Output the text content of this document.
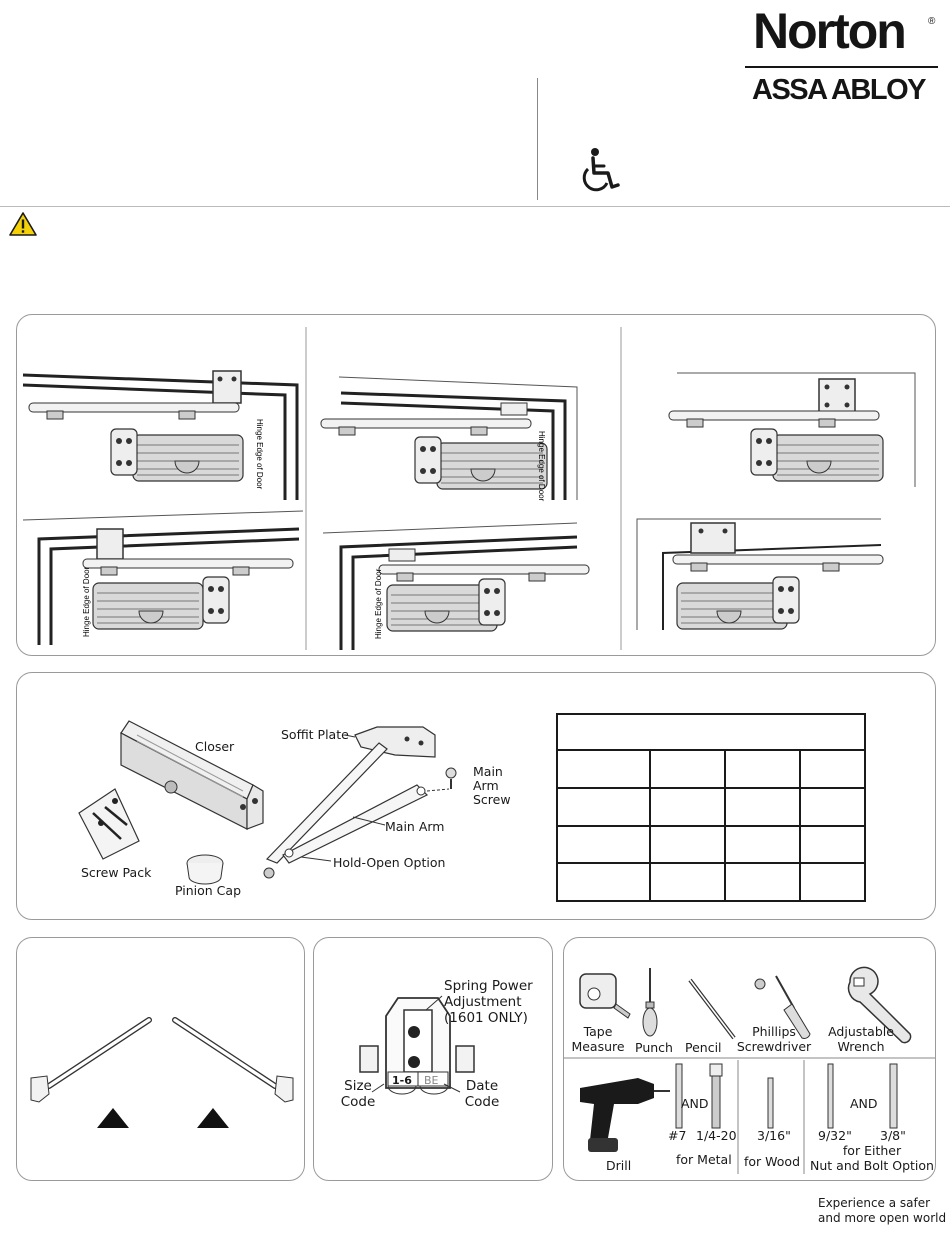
Norton ®
ASSA ABLOY
Hinge Edge of Door
Hinge Edge of Door
Hinge Edge of Door
Hinge Edge of Door
Closer
Screw Pack
Pinion Cap
Soffit Plate
Main
Arm
Screw
Main Arm
Hold-Open Option

1-6 BE
Spring Power
Adjustment
(1601 ONLY)
Size
Code
Date
Code
Tape
Measure Punch Pencil
Phillips
Screwdriver
Adjustable
Wrench
Drill
AND
#7 1/4-20
for Metal
3/16"
for Wood
AND
9/32" 3/8"
for Either
Nut and Bolt Option
Experience a safer
and more open world
